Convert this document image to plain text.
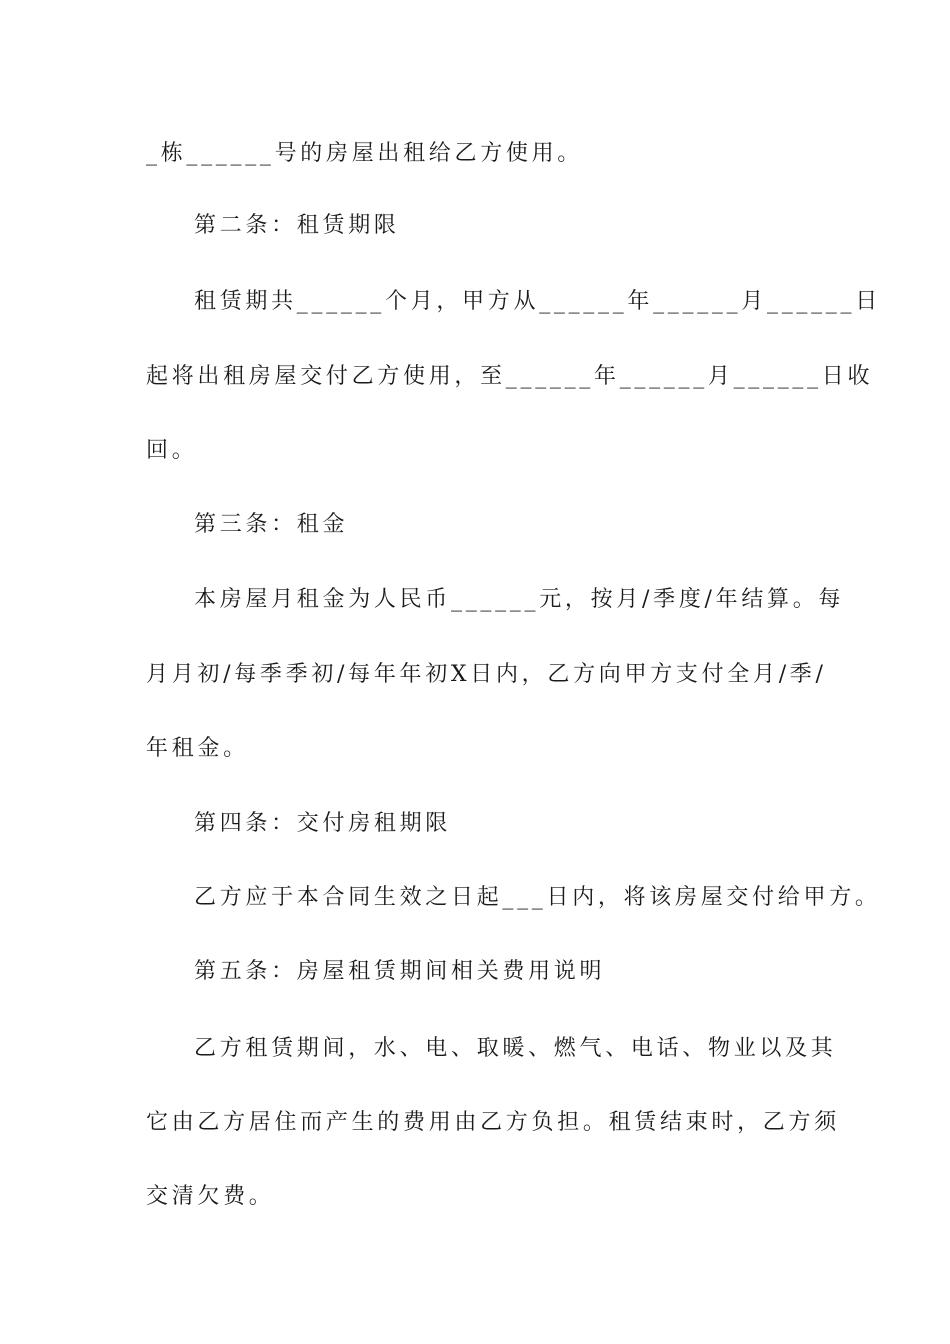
_栋______号的房屋出租给乙方使用。
第二条：租赁期限
租赁期共______个月，甲方从______年______月______日
起将出租房屋交付乙方使用，至______年______月______日收
回。
第三条：租金
本房屋月租金为人民币______元，按月/季度/年结算。每
月月初/每季季初/每年年初X日内，乙方向甲方支付全月/季/
年租金。
第四条：交付房租期限
乙方应于本合同生效之日起___日内，将该房屋交付给甲方。
第五条：房屋租赁期间相关费用说明
乙方租赁期间，水、电、取暖、燃气、电话、物业以及其
它由乙方居住而产生的费用由乙方负担。租赁结束时，乙方须
交清欠费。
